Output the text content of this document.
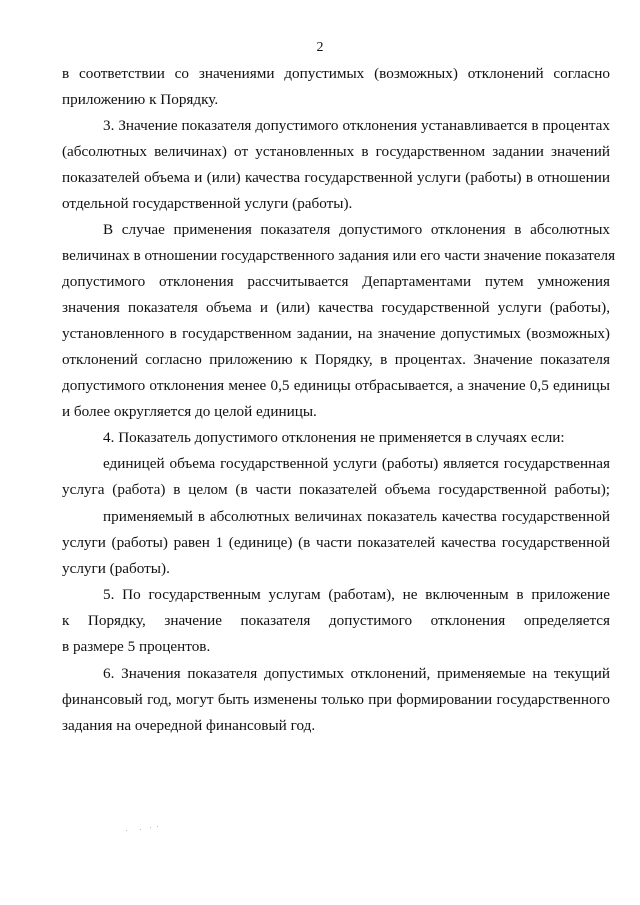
2
в соответствии со значениями допустимых (возможных) отклонений согласно
приложению к Порядку.
3. Значение показателя допустимого отклонения устанавливается в процентах
(абсолютных величинах) от установленных в государственном задании значений
показателей объема и (или) качества государственной услуги (работы) в отношении
отдельной государственной услуги (работы).
В случае применения показателя допустимого отклонения в абсолютных
величинах в отношении государственного задания или его части значение показателя
допустимого отклонения рассчитывается Департаментами путем умножения
значения показателя объема и (или) качества государственной услуги (работы),
установленного в государственном задании, на значение допустимых (возможных)
отклонений согласно приложению к Порядку, в процентах. Значение показателя
допустимого отклонения менее 0,5 единицы отбрасывается, а значение 0,5 единицы
и более округляется до целой единицы.
4. Показатель допустимого отклонения не применяется в случаях если:
единицей объема государственной услуги (работы) является государственная
услуга (работа) в целом (в части показателей объема государственной работы);
применяемый в абсолютных величинах показатель качества государственной
услуги (работы) равен 1 (единице) (в части показателей качества государственной
услуги (работы).
5. По государственным услугам (работам), не включенным в приложение
к Порядку, значение показателя допустимого отклонения определяется
в размере 5 процентов.
6. Значения показателя допустимых отклонений, применяемые на текущий
финансовый год, могут быть изменены только при формировании государственного
задания на очередной финансовый год.
